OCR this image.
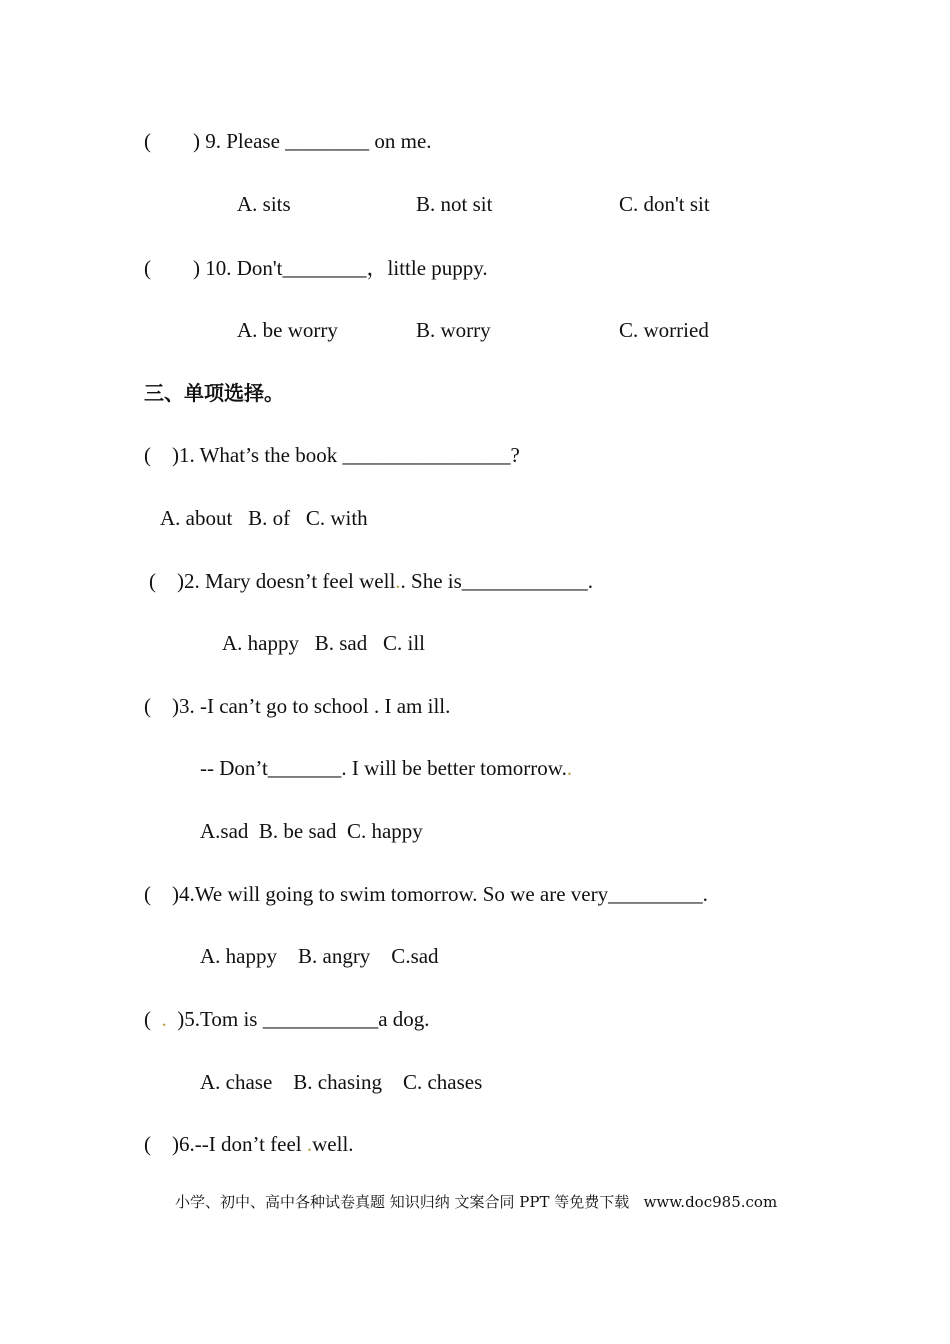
(        ) 9. Please ________ on me.
A. sits	B. not sit	C. don't sit
(        ) 10. Don't________，little puppy.
A. be worry	B. worry	C. worried
三、单项选择。
(    )1. What’s the book ________________?
A. about   B. of   C. with
(    )2. Mary doesn’t feel well.. She is____________.
A. happy   B. sad   C. ill
(    )3. -I can’t go to school . I am ill.
-- Don’t_______. I will be better tomorrow..
A.sad  B. be sad  C. happy
(    )4.We will going to swim tomorrow. So we are very_________.
A. happy    B. angry    C.sad
( . )5.Tom is ___________a dog.
A. chase    B. chasing    C. chases
(    )6.--I don’t feel .well.
小学、初中、高中各种试卷真题 知识归纳 文案合同 PPT 等免费下载   www.doc985.com
